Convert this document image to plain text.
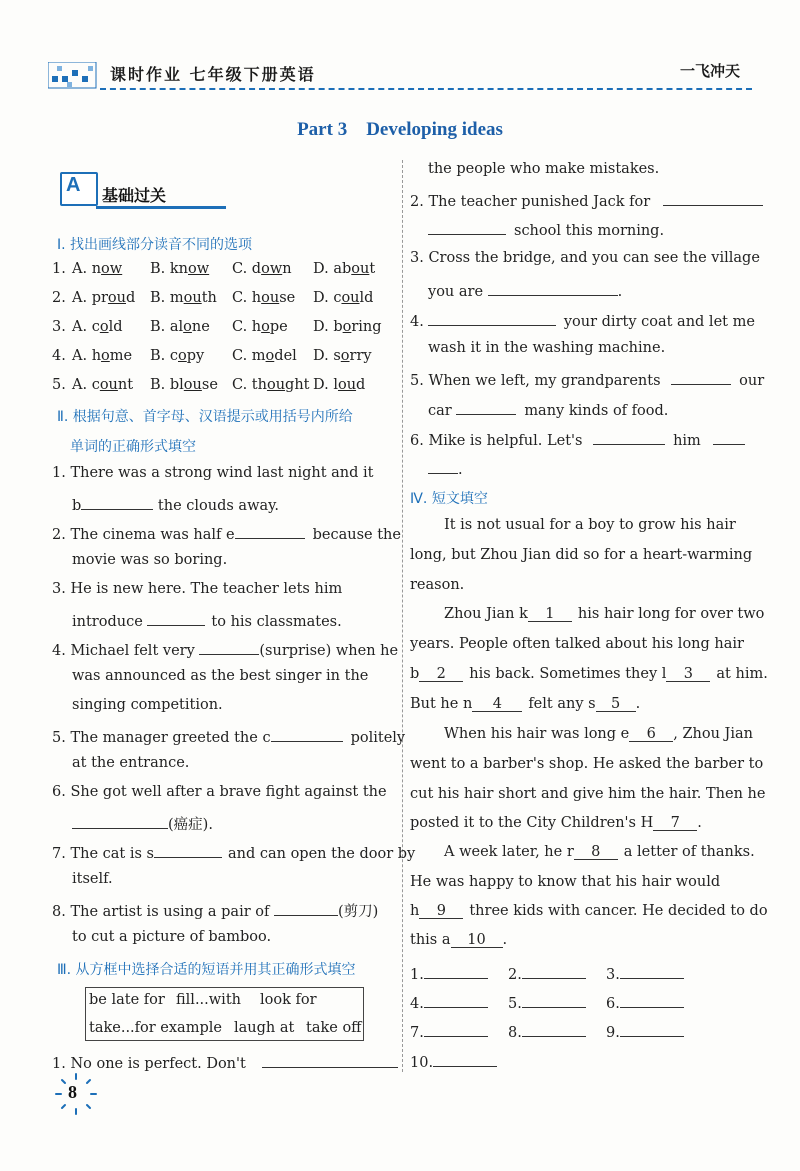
课时作业 七年级下册英语	一飞冲天
Part 3　Developing ideas
A 基础过关
Ⅰ. 找出画线部分读音不同的选项
1. A. now B. know C. down D. about
2. A. proud B. mouth C. house D. could
3. A. cold B. alone C. hope D. boring
4. A. home B. copy C. model D. sorry
5. A. count B. blouse C. thought D. loud
Ⅱ. 根据句意、首字母、汉语提示或用括号内所给
单词的正确形式填空
1. There was a strong wind last night and it
b	the clouds away.
2. The cinema was half e	because the
movie was so boring.
3. He is new here. The teacher lets him
introduce	to his classmates.
4. Michael felt very	(surprise) when he
was announced as the best singer in the
singing competition.
5. The manager greeted the c	politely
at the entrance.
6. She got well after a brave fight against the
(癌症).
7. The cat is s	and can open the door by
itself.
8. The artist is using a pair of	(剪刀)
to cut a picture of bamboo.
Ⅲ. 从方框中选择合适的短语并用其正确形式填空
be late for fill...with look for
take...for example laugh at take off
1. No one is perfect. Don't
the people who make mistakes.
2. The teacher punished Jack for
school this morning.
3. Cross the bridge, and you can see the village
you are	.
4.	your dirty coat and let me
wash it in the washing machine.
5. When we left, my grandparents	our
car	many kinds of food.
6. Mike is helpful. Let's	him
.
Ⅳ. 短文填空
It is not usual for a boy to grow his hair
long, but Zhou Jian did so for a heart-warming
reason.
Zhou Jian k 1 his hair long for over two
years. People often talked about his long hair
b 2 his back. Sometimes they l 3 at him.
But he n 4 felt any s 5 .
When his hair was long e 6 , Zhou Jian
went to a barber's shop. He asked the barber to
cut his hair short and give him the hair. Then he
posted it to the City Children's H 7 .
A week later, he r 8 a letter of thanks.
He was happy to know that his hair would
h 9 three kids with cancer. He decided to do
this a 10 .
1.	2.	3.
4.	5.	6.
7.	8.	9.
10.
8
